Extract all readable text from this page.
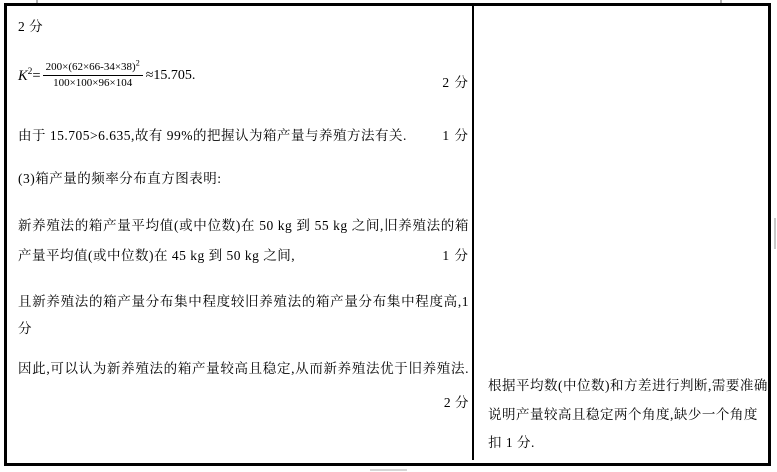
2 分
$K^2= \frac{200\times(62\times 66-34\times 38)^2}{100\times 100\times 96\times 104} \approx 15.705$.	2 分
由于 15.705>6.635,故有 99%的把握认为箱产量与养殖方法有关.	1 分
(3)箱产量的频率分布直方图表明:
新养殖法的箱产量平均值(或中位数)在 50 kg 到 55 kg 之间,旧养殖法的箱
产量平均值(或中位数)在 45 kg 到 50 kg 之间,	1 分
且新养殖法的箱产量分布集中程度较旧养殖法的箱产量分布集中程度高,1
分
因此,可以认为新养殖法的箱产量较高且稳定,从而新养殖法优于旧养殖法.
2 分
根据平均数(中位数)和方差进行判断,需要准确
说明产量较高且稳定两个角度,缺少一个角度
扣 1 分.
